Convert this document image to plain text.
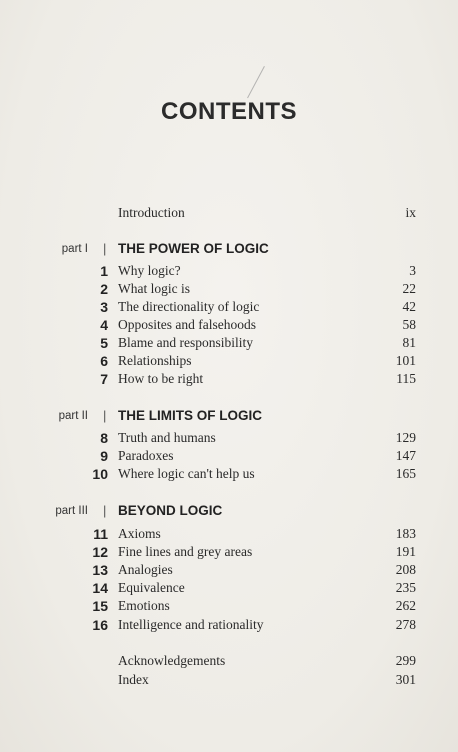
CONTENTS
Introduction	ix
part I | THE POWER OF LOGIC
1 Why logic?	3
2 What logic is	22
3 The directionality of logic	42
4 Opposites and falsehoods	58
5 Blame and responsibility	81
6 Relationships	101
7 How to be right	115
part II | THE LIMITS OF LOGIC
8 Truth and humans	129
9 Paradoxes	147
10 Where logic can't help us	165
part III | BEYOND LOGIC
11 Axioms	183
12 Fine lines and grey areas	191
13 Analogies	208
14 Equivalence	235
15 Emotions	262
16 Intelligence and rationality	278
Acknowledgements	299
Index	301
